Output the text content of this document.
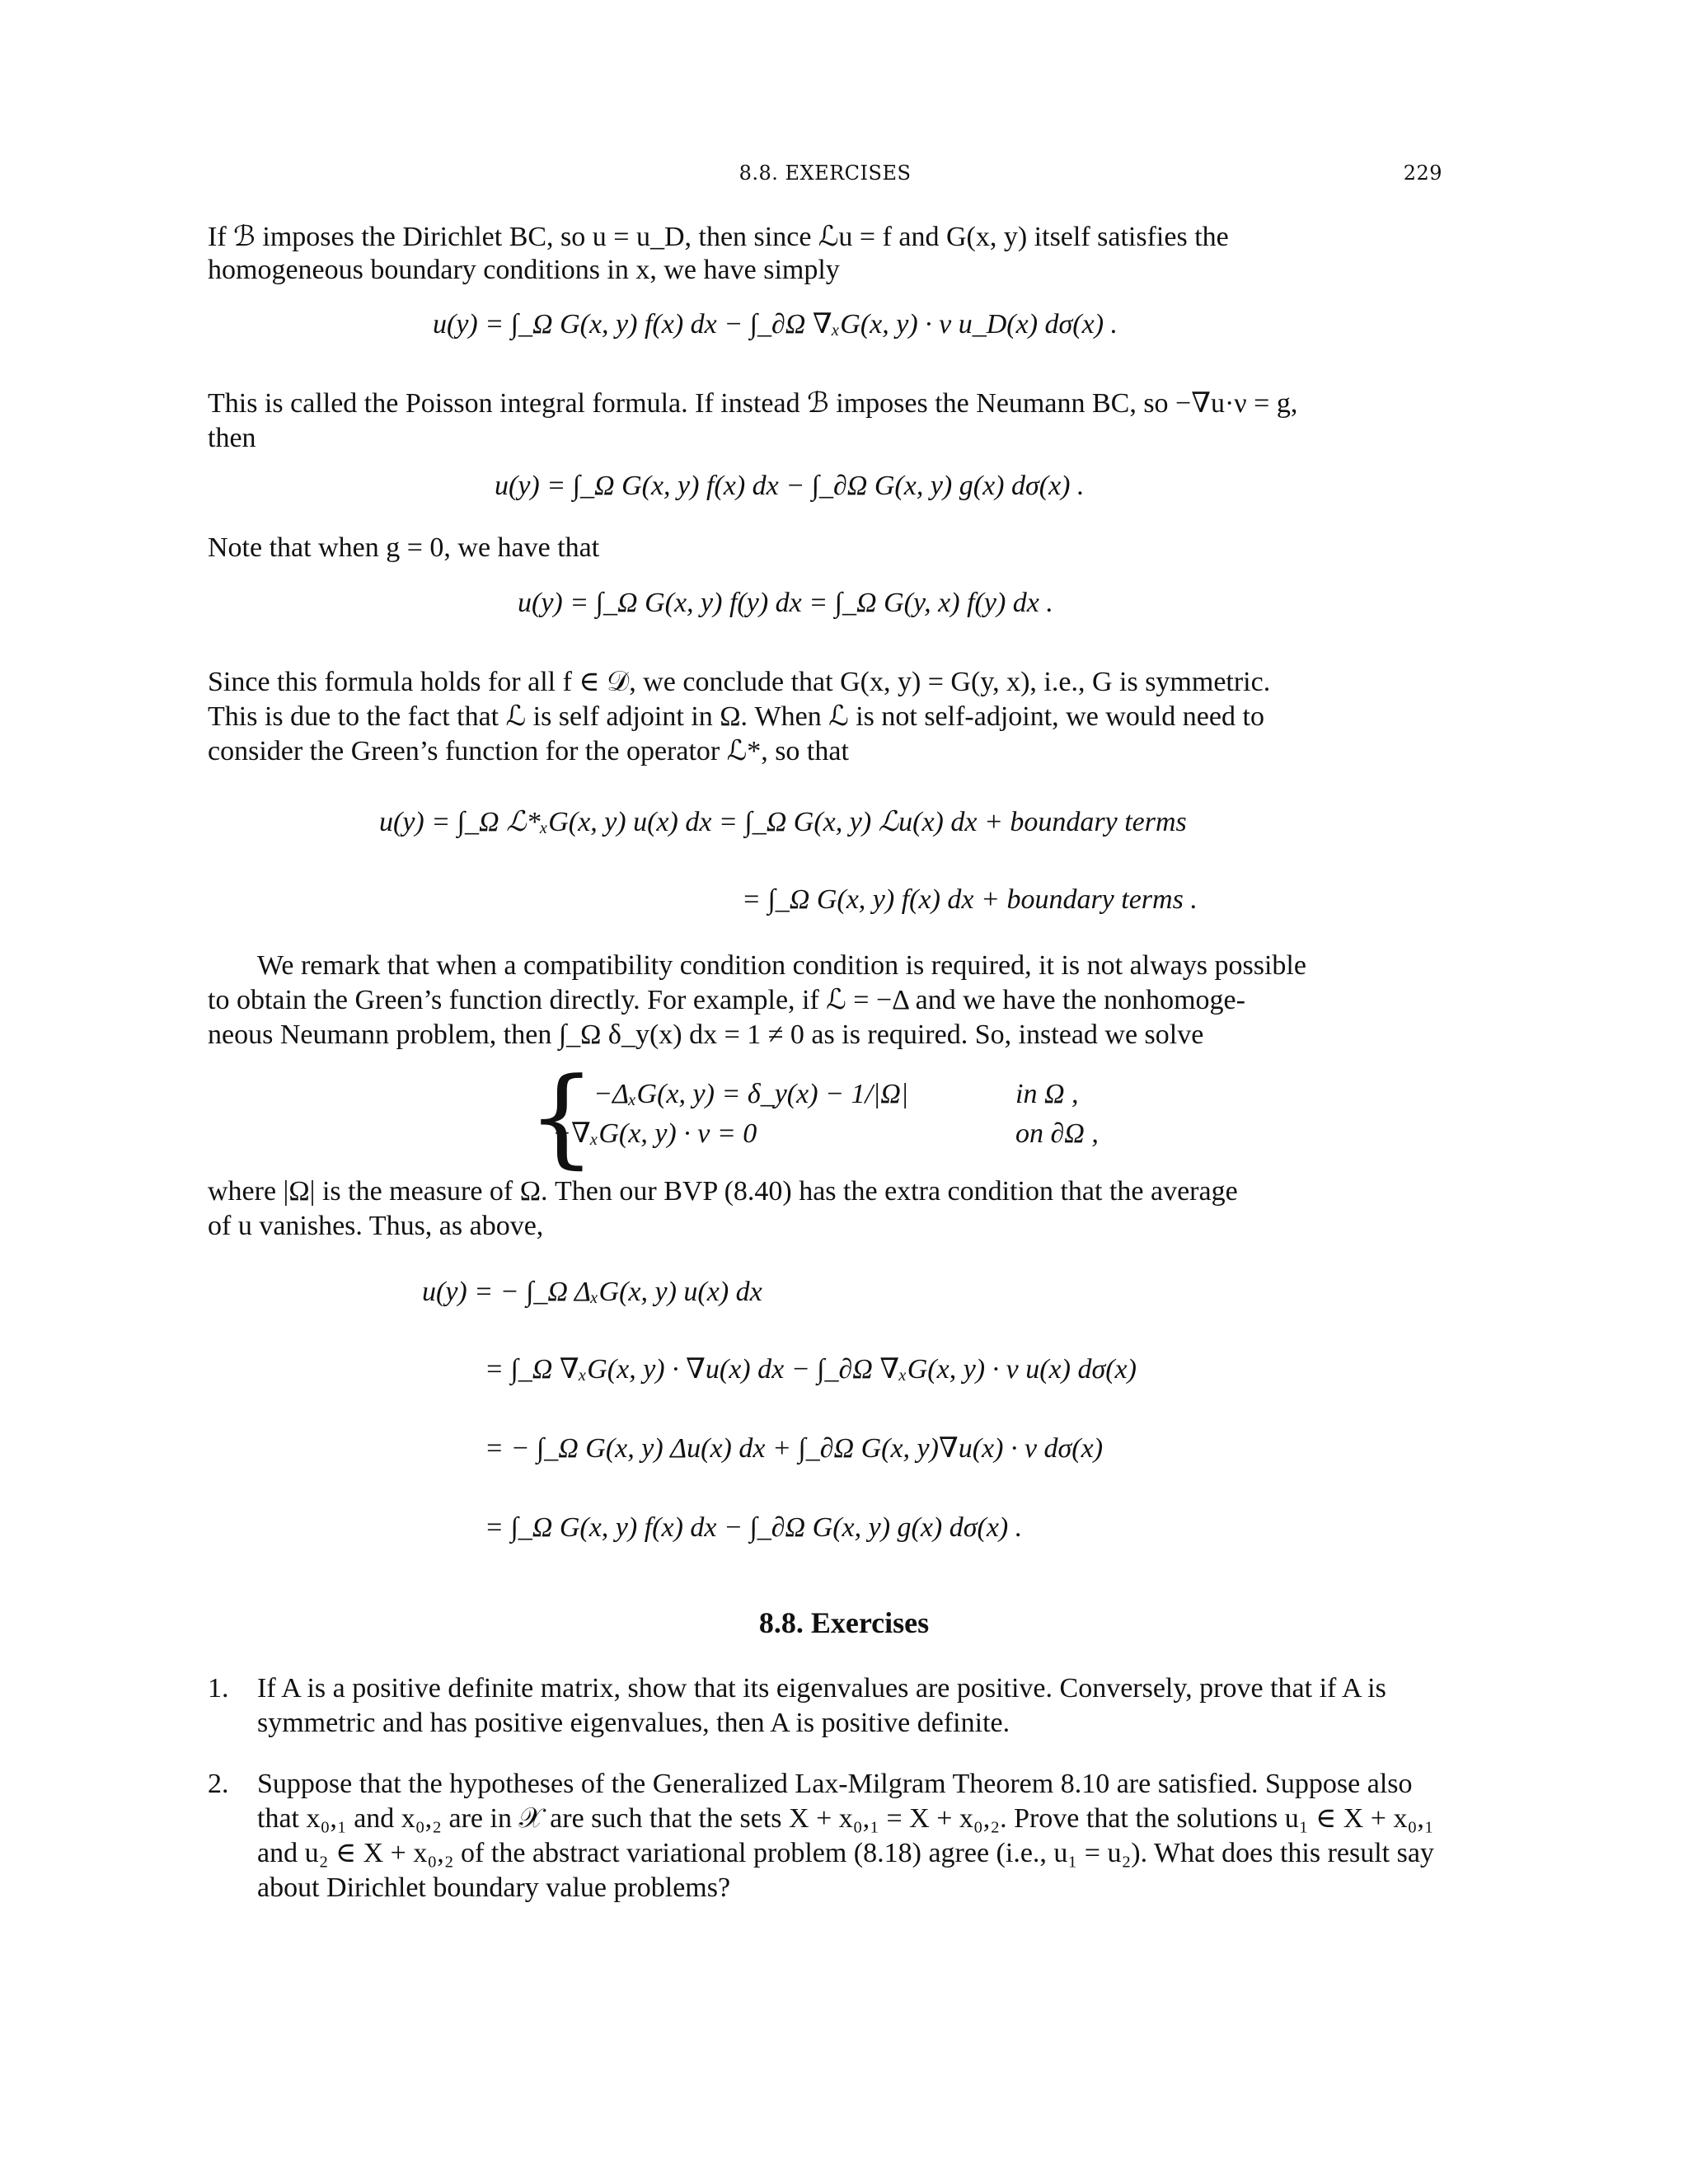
8.8. EXERCISES	229
If ℬ imposes the Dirichlet BC, so u = u_D, then since ℒu = f and G(x, y) itself satisfies the
homogeneous boundary conditions in x, we have simply
u(y) = ∫_Ω G(x, y) f(x) dx − ∫_∂Ω ∇ₓG(x, y) · ν u_D(x) dσ(x) .
This is called the Poisson integral formula. If instead ℬ imposes the Neumann BC, so −∇u·ν = g,
then
u(y) = ∫_Ω G(x, y) f(x) dx − ∫_∂Ω G(x, y) g(x) dσ(x) .
Note that when g = 0, we have that
u(y) = ∫_Ω G(x, y) f(y) dx = ∫_Ω G(y, x) f(y) dx .
Since this formula holds for all f ∈ 𝒟, we conclude that G(x, y) = G(y, x), i.e., G is symmetric.
This is due to the fact that ℒ is self adjoint in Ω. When ℒ is not self-adjoint, we would need to
consider the Green’s function for the operator ℒ*, so that
u(y) = ∫_Ω ℒ*ₓG(x, y) u(x) dx = ∫_Ω G(x, y) ℒu(x) dx + boundary terms
= ∫_Ω G(x, y) f(x) dx + boundary terms .
We remark that when a compatibility condition condition is required, it is not always possible
to obtain the Green’s function directly. For example, if ℒ = −Δ and we have the nonhomoge-
neous Neumann problem, then ∫_Ω δ_y(x) dx = 1 ≠ 0 as is required. So, instead we solve
{
−ΔₓG(x, y) = δ_y(x) − 1/|Ω|	in Ω ,
−∇ₓG(x, y) · ν = 0	on ∂Ω ,
where |Ω| is the measure of Ω. Then our BVP (8.40) has the extra condition that the average
of u vanishes. Thus, as above,
u(y) = − ∫_Ω ΔₓG(x, y) u(x) dx
= ∫_Ω ∇ₓG(x, y) · ∇u(x) dx − ∫_∂Ω ∇ₓG(x, y) · ν u(x) dσ(x)
= − ∫_Ω G(x, y) Δu(x) dx + ∫_∂Ω G(x, y)∇u(x) · ν dσ(x)
= ∫_Ω G(x, y) f(x) dx − ∫_∂Ω G(x, y) g(x) dσ(x) .
8.8. Exercises
1. If A is a positive definite matrix, show that its eigenvalues are positive. Conversely, prove that if A is symmetric and has positive eigenvalues, then A is positive definite.
2. Suppose that the hypotheses of the Generalized Lax-Milgram Theorem 8.10 are satisfied. Suppose also that x₀,₁ and x₀,₂ are in 𝒳 are such that the sets X + x₀,₁ = X + x₀,₂. Prove that the solutions u₁ ∈ X + x₀,₁ and u₂ ∈ X + x₀,₂ of the abstract variational problem (8.18) agree (i.e., u₁ = u₂). What does this result say about Dirichlet boundary value problems?
